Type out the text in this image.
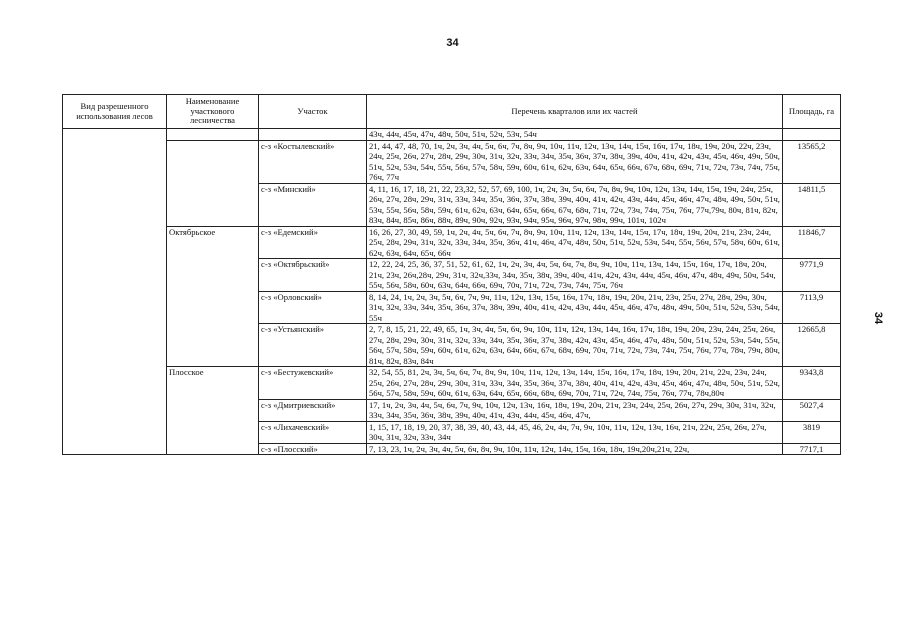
34
34
Вид разрешенного использования лесов	Наименование участкового лесничества	Участок	Перечень кварталов или их частей	Площадь, га
			43ч, 44ч, 45ч, 47ч, 48ч, 50ч, 51ч, 52ч, 53ч, 54ч	
		с-з «Костылевский»	21, 44, 47, 48, 70, 1ч, 2ч, 3ч, 4ч, 5ч, 6ч, 7ч, 8ч, 9ч, 10ч, 11ч, 12ч, 13ч, 14ч, 15ч, 16ч, 17ч, 18ч, 19ч, 20ч, 22ч, 23ч, 24ч, 25ч, 26ч, 27ч, 28ч, 29ч, 30ч, 31ч, 32ч, 33ч, 34ч, 35ч, 36ч, 37ч, 38ч, 39ч, 40ч, 41ч, 42ч, 43ч, 45ч, 46ч, 49ч, 50ч, 51ч, 52ч, 53ч, 54ч, 55ч, 56ч, 57ч, 58ч, 59ч, 60ч, 61ч, 62ч, 63ч, 64ч, 65ч, 66ч, 67ч, 68ч, 69ч, 71ч, 72ч, 73ч, 74ч, 75ч, 76ч, 77ч	13565,2
		с-з «Минский»	4, 11, 16, 17, 18, 21, 22, 23,32, 52, 57, 69, 100, 1ч, 2ч, 3ч, 5ч, 6ч, 7ч, 8ч, 9ч, 10ч, 12ч, 13ч, 14ч, 15ч, 19ч, 24ч, 25ч, 26ч, 27ч, 28ч, 29ч, 31ч, 33ч, 34ч, 35ч, 36ч, 37ч, 38ч, 39ч, 40ч, 41ч, 42ч, 43ч, 44ч, 45ч, 46ч, 47ч, 48ч, 49ч, 50ч, 51ч, 53ч, 55ч, 56ч, 58ч, 59ч, 61ч, 62ч, 63ч, 64ч, 65ч, 66ч, 67ч, 68ч, 71ч, 72ч, 73ч, 74ч, 75ч, 76ч, 77ч,79ч, 80ч, 81ч, 82ч, 83ч, 84ч, 85ч, 86ч, 88ч, 89ч, 90ч, 92ч, 93ч, 94ч, 95ч, 96ч, 97ч, 98ч, 99ч, 101ч, 102ч	14811,5
	Октябрьское	с-з «Едемский»	16, 26, 27, 30, 49, 59, 1ч, 2ч, 4ч, 5ч, 6ч, 7ч, 8ч, 9ч, 10ч, 11ч, 12ч, 13ч, 14ч, 15ч, 17ч, 18ч, 19ч, 20ч, 21ч, 23ч, 24ч, 25ч, 28ч, 29ч, 31ч, 32ч, 33ч, 34ч, 35ч, 36ч, 41ч, 46ч, 47ч, 48ч, 50ч, 51ч, 52ч, 53ч, 54ч, 55ч, 56ч, 57ч, 58ч, 60ч, 61ч, 62ч, 63ч, 64ч, 65ч, 66ч	11846,7
		с-з «Октябрьский»	12, 22, 24, 25, 36, 37, 51, 52, 61, 62, 1ч, 2ч, 3ч, 4ч, 5ч, 6ч, 7ч, 8ч, 9ч, 10ч, 11ч, 13ч, 14ч, 15ч, 16ч, 17ч, 18ч, 20ч, 21ч, 23ч, 26ч,28ч, 29ч, 31ч, 32ч,33ч, 34ч, 35ч, 38ч, 39ч, 40ч, 41ч, 42ч, 43ч, 44ч, 45ч, 46ч, 47ч, 48ч, 49ч, 50ч, 54ч, 55ч, 56ч, 58ч, 60ч, 63ч, 64ч, 66ч, 69ч, 70ч, 71ч, 72ч, 73ч, 74ч, 75ч, 76ч	9771,9
		с-з «Орловский»	8, 14, 24, 1ч, 2ч, 3ч, 5ч, 6ч, 7ч, 9ч, 11ч, 12ч, 13ч, 15ч, 16ч, 17ч, 18ч, 19ч, 20ч, 21ч, 23ч, 25ч, 27ч, 28ч, 29ч, 30ч, 31ч, 32ч, 33ч, 34ч, 35ч, 36ч, 37ч, 38ч, 39ч, 40ч, 41ч, 42ч, 43ч, 44ч, 45ч, 46ч, 47ч, 48ч, 49ч, 50ч, 51ч, 52ч, 53ч, 54ч, 55ч	7113,9
		с-з «Устьянский»	2, 7, 8, 15, 21, 22, 49, 65, 1ч, 3ч, 4ч, 5ч, 6ч, 9ч, 10ч, 11ч, 12ч, 13ч, 14ч, 16ч, 17ч, 18ч, 19ч, 20ч, 23ч, 24ч, 25ч, 26ч, 27ч, 28ч, 29ч, 30ч, 31ч, 32ч, 33ч, 34ч, 35ч, 36ч, 37ч, 38ч, 42ч, 43ч, 45ч, 46ч, 47ч, 48ч, 50ч, 51ч, 52ч, 53ч, 54ч, 55ч, 56ч, 57ч, 58ч, 59ч, 60ч, 61ч, 62ч, 63ч, 64ч, 66ч, 67ч, 68ч, 69ч, 70ч, 71ч, 72ч, 73ч, 74ч, 75ч, 76ч, 77ч, 78ч, 79ч, 80ч, 81ч, 82ч, 83ч, 84ч	12665,8
	Плосское	с-з «Бестужевский»	32, 54, 55, 81, 2ч, 3ч, 5ч, 6ч, 7ч, 8ч, 9ч, 10ч, 11ч, 12ч, 13ч, 14ч, 15ч, 16ч, 17ч, 18ч, 19ч, 20ч, 21ч, 22ч, 23ч, 24ч, 25ч, 26ч, 27ч, 28ч, 29ч, 30ч, 31ч, 33ч, 34ч, 35ч, 36ч, 37ч, 38ч, 40ч, 41ч, 42ч, 43ч, 45ч, 46ч, 47ч, 48ч, 50ч, 51ч, 52ч, 56ч, 57ч, 58ч, 59ч, 60ч, 61ч, 63ч, 64ч, 65ч, 66ч, 68ч, 69ч, 70ч, 71ч, 72ч, 74ч, 75ч, 76ч, 77ч, 78ч,80ч	9343,8
		с-з «Дмитриевский»	17, 1ч, 2ч, 3ч, 4ч, 5ч, 6ч, 7ч, 9ч, 10ч, 12ч, 13ч, 16ч, 18ч, 19ч, 20ч, 21ч, 23ч, 24ч, 25ч, 26ч, 27ч, 29ч, 30ч, 31ч, 32ч, 33ч, 34ч, 35ч, 36ч, 38ч, 39ч, 40ч, 41ч, 43ч, 44ч, 45ч, 46ч, 47ч,	5027,4
		с-з «Лихачевский»	1, 15, 17, 18, 19, 20, 37, 38, 39, 40, 43, 44, 45, 46, 2ч, 4ч, 7ч, 9ч, 10ч, 11ч, 12ч, 13ч, 16ч, 21ч, 22ч, 25ч, 26ч, 27ч, 30ч, 31ч, 32ч, 33ч, 34ч	3819
		с-з «Плосский»	7, 13, 23, 1ч, 2ч, 3ч, 4ч, 5ч, 6ч, 8ч, 9ч, 10ч, 11ч, 12ч, 14ч, 15ч, 16ч, 18ч, 19ч,20ч,21ч, 22ч,	7717,1
